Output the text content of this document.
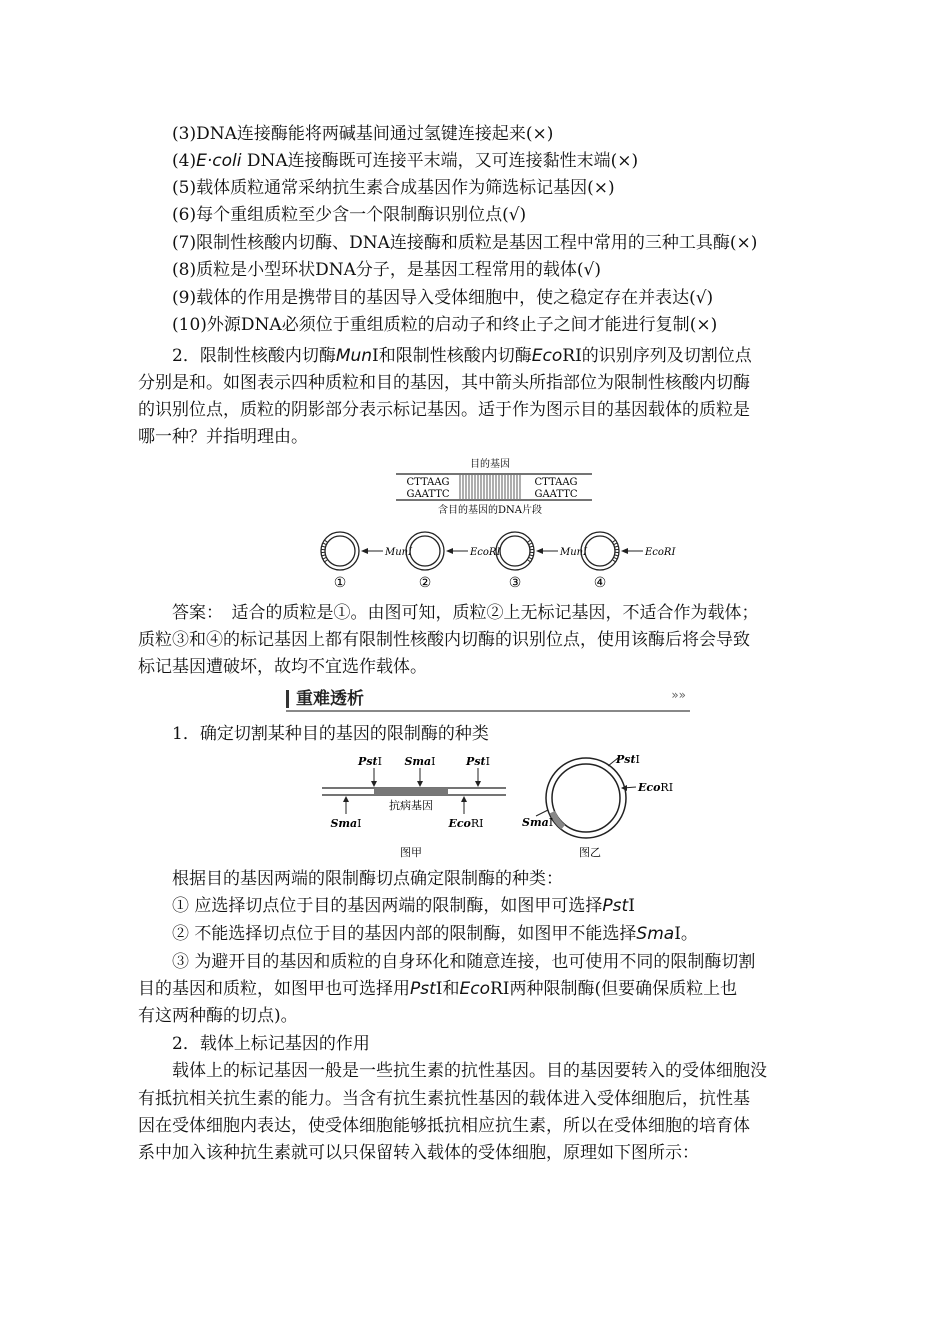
(3)DNA连接酶能将两碱基间通过氢键连接起来(×)
(4)E·coli DNA连接酶既可连接平末端，又可连接黏性末端(×)
(5)载体质粒通常采纳抗生素合成基因作为筛选标记基因(×)
(6)每个重组质粒至少含一个限制酶识别位点(√)
(7)限制性核酸内切酶、DNA连接酶和质粒是基因工程中常用的三种工具酶(×)
(8)质粒是小型环状DNA分子，是基因工程常用的载体(√)
(9)载体的作用是携带目的基因导入受体细胞中，使之稳定存在并表达(√)
(10)外源DNA必须位于重组质粒的启动子和终止子之间才能进行复制(×)
2．限制性核酸内切酶MunⅠ和限制性核酸内切酶EcoRⅠ的识别序列及切割位点
分别是和。如图表示四种质粒和目的基因，其中箭头所指部位为限制性核酸内切酶
的识别位点，质粒的阴影部分表示标记基因。适于作为图示目的基因载体的质粒是
哪一种？并指明理由。
目的基因
CTTAAG
GAATTC
CTTAAG
GAATTC
含目的基因的DNA片段
MunI
①
EcoRI
②
MunI
③
EcoRI
④
答案：　适合的质粒是①。由图可知，质粒②上无标记基因，不适合作为载体；
质粒③和④的标记基因上都有限制性核酸内切酶的识别位点，使用该酶后将会导致
标记基因遭破坏，故均不宜选作载体。
重难透析	»»
1．确定切割某种目的基因的限制酶的种类
抗病基因
PstⅠ SmaⅠ	PstⅠ
SmaⅠ	EcoRⅠ
图甲
PstⅠ
EcoRⅠ
SmaⅠ
图乙
根据目的基因两端的限制酶切点确定限制酶的种类：
① 应选择切点位于目的基因两端的限制酶，如图甲可选择PstⅠ
② 不能选择切点位于目的基因内部的限制酶，如图甲不能选择SmaⅠ。
③ 为避开目的基因和质粒的自身环化和随意连接，也可使用不同的限制酶切割
目的基因和质粒，如图甲也可选择用PstⅠ和EcoRⅠ两种限制酶(但要确保质粒上也
有这两种酶的切点)。
2．载体上标记基因的作用
载体上的标记基因一般是一些抗生素的抗性基因。目的基因要转入的受体细胞没
有抵抗相关抗生素的能力。当含有抗生素抗性基因的载体进入受体细胞后，抗性基
因在受体细胞内表达，使受体细胞能够抵抗相应抗生素，所以在受体细胞的培育体
系中加入该种抗生素就可以只保留转入载体的受体细胞，原理如下图所示：
